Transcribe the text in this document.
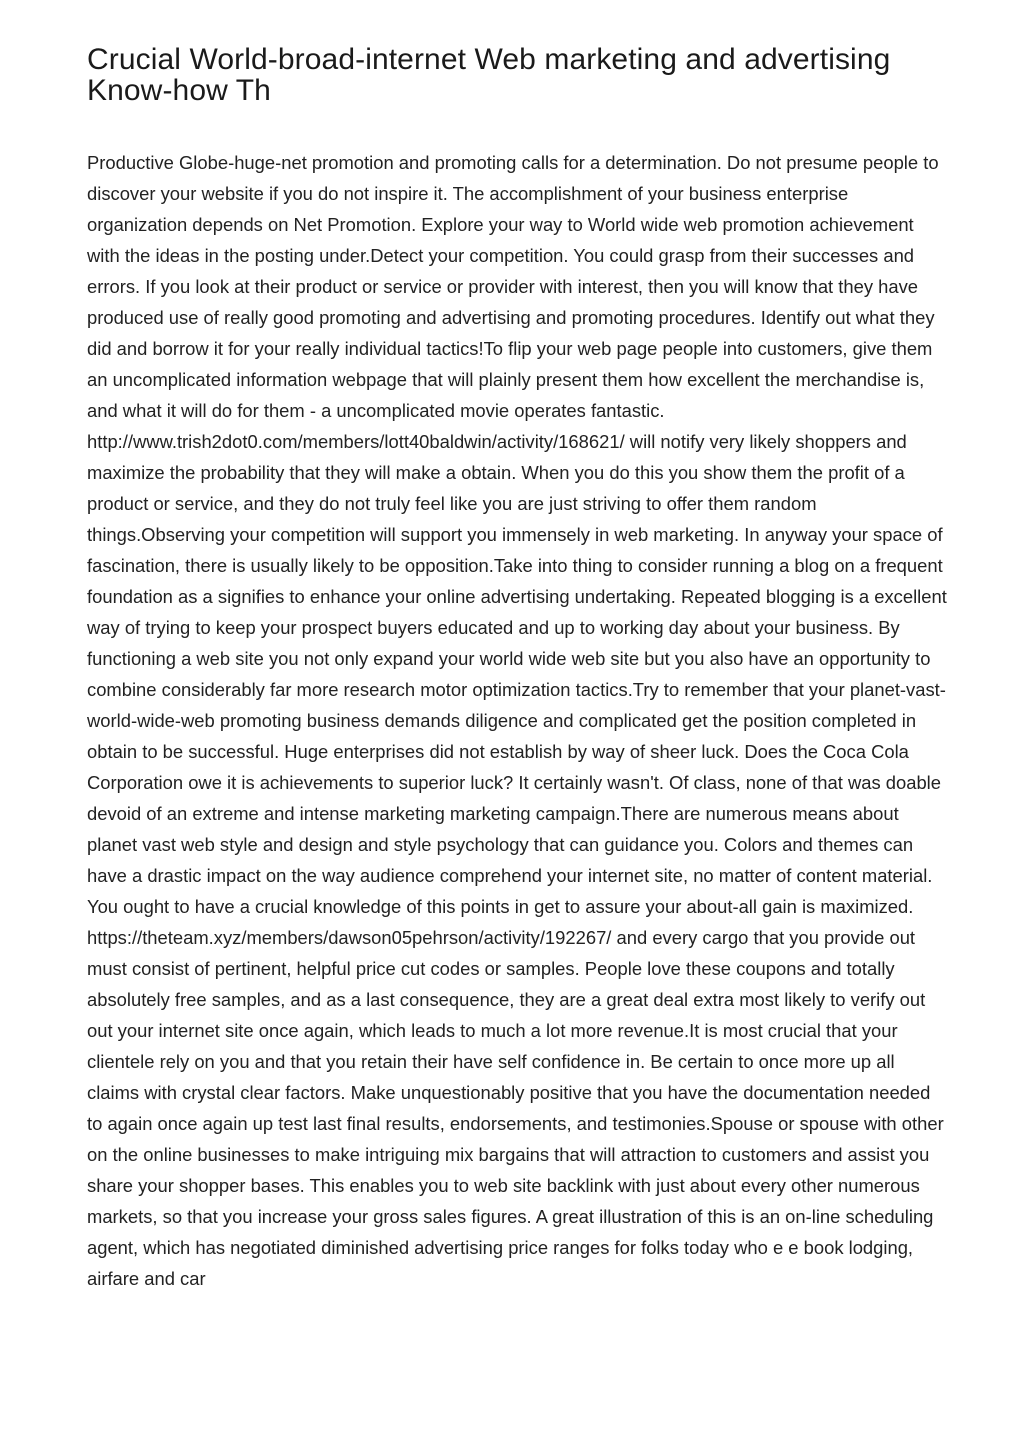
Crucial World-broad-internet Web marketing and advertising Know-how Th

Productive Globe-huge-net promotion and promoting calls for a determination. Do not presume people to discover your website if you do not inspire it. The accomplishment of your business enterprise organization depends on Net Promotion. Explore your way to World wide web promotion achievement with the ideas in the posting under.Detect your competition. You could grasp from their successes and errors. If you look at their product or service or provider with interest, then you will know that they have produced use of really good promoting and advertising and promoting procedures. Identify out what they did and borrow it for your really individual tactics!To flip your web page people into customers, give them an uncomplicated information webpage that will plainly present them how excellent the merchandise is, and what it will do for them - a uncomplicated movie operates fantastic. http://www.trish2dot0.com/members/lott40baldwin/activity/168621/ will notify very likely shoppers and maximize the probability that they will make a obtain. When you do this you show them the profit of a product or service, and they do not truly feel like you are just striving to offer them random things.Observing your competition will support you immensely in web marketing. In anyway your space of fascination, there is usually likely to be opposition.Take into thing to consider running a blog on a frequent foundation as a signifies to enhance your online advertising undertaking. Repeated blogging is a excellent way of trying to keep your prospect buyers educated and up to working day about your business. By functioning a web site you not only expand your world wide web site but you also have an opportunity to combine considerably far more research motor optimization tactics.Try to remember that your planet-vast-world-wide-web promoting business demands diligence and complicated get the position completed in obtain to be successful. Huge enterprises did not establish by way of sheer luck. Does the Coca Cola Corporation owe it is achievements to superior luck? It certainly wasn't. Of class, none of that was doable devoid of an extreme and intense marketing marketing campaign.There are numerous means about planet vast web style and design and style psychology that can guidance you. Colors and themes can have a drastic impact on the way audience comprehend your internet site, no matter of content material. You ought to have a crucial knowledge of this points in get to assure your about-all gain is maximized. https://theteam.xyz/members/dawson05pehrson/activity/192267/ and every cargo that you provide out must consist of pertinent, helpful price cut codes or samples. People love these coupons and totally absolutely free samples, and as a last consequence, they are a great deal extra most likely to verify out out your internet site once again, which leads to much a lot more revenue.It is most crucial that your clientele rely on you and that you retain their have self confidence in. Be certain to once more up all claims with crystal clear factors. Make unquestionably positive that you have the documentation needed to again once again up test last final results, endorsements, and testimonies.Spouse or spouse with other on the online businesses to make intriguing mix bargains that will attraction to customers and assist you share your shopper bases. This enables you to web site backlink with just about every other numerous markets, so that you increase your gross sales figures. A great illustration of this is an on-line scheduling agent, which has negotiated diminished advertising price ranges for folks today who e e book lodging, airfare and car
